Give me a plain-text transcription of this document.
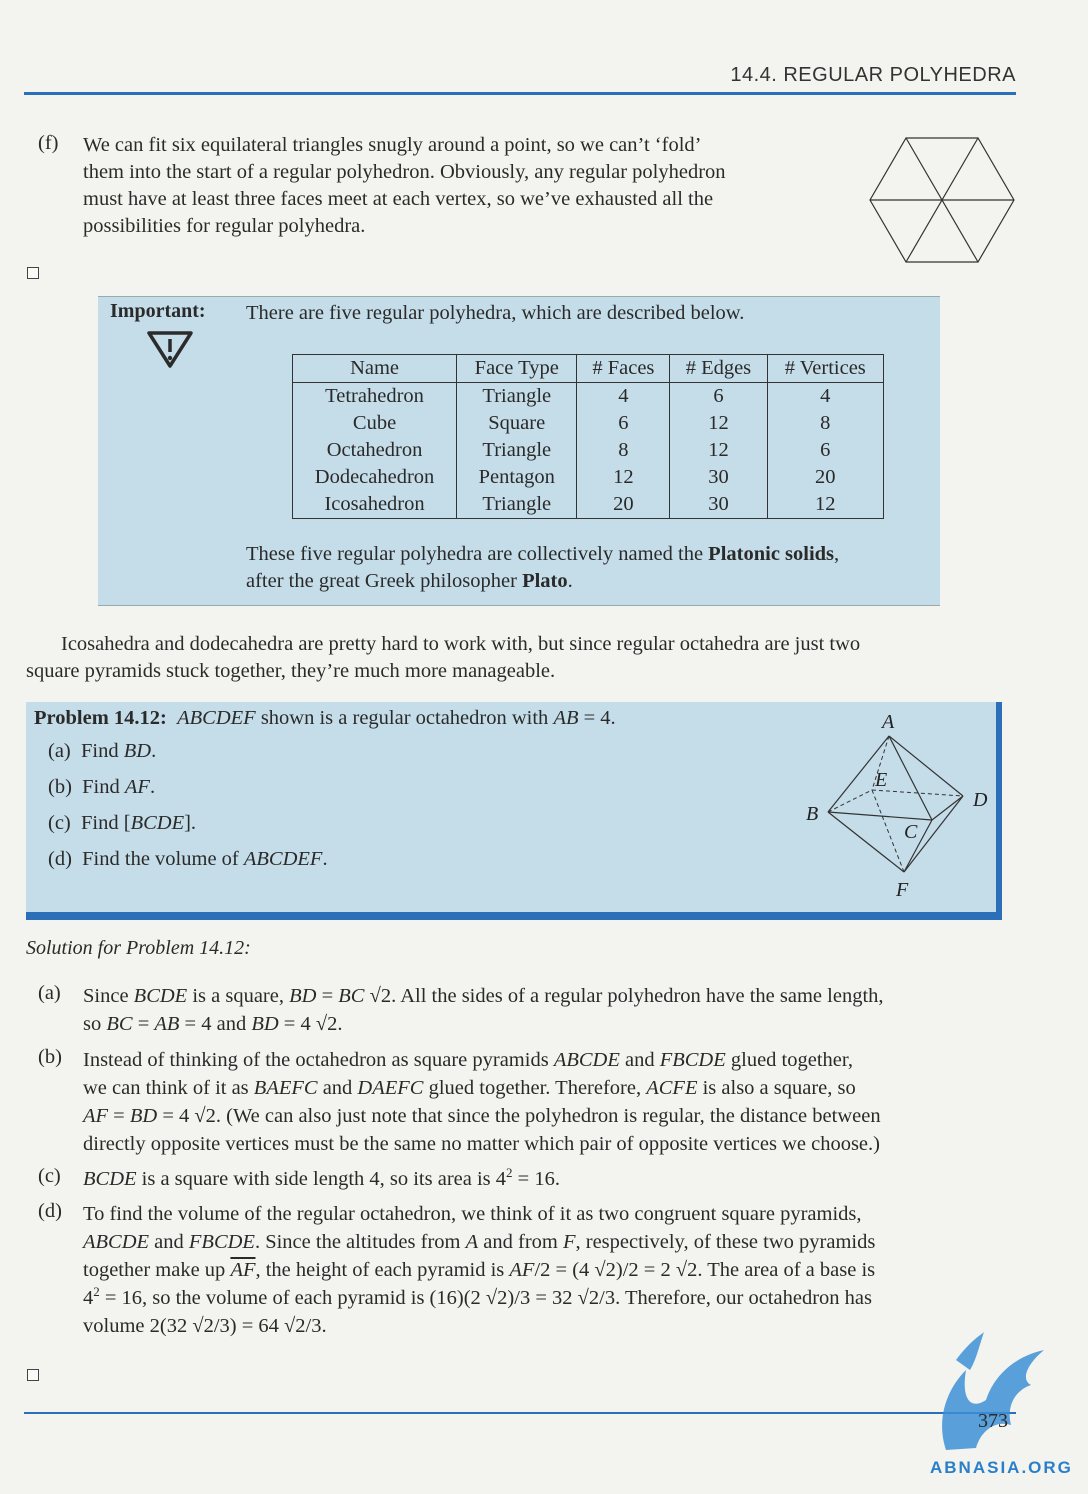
14.4. REGULAR POLYHEDRA
(f) We can fit six equilateral triangles snugly around a point, so we can’t ‘fold’
them into the start of a regular polyhedron. Obviously, any regular polyhedron
must have at least three faces meet at each vertex, so we’ve exhausted all the
possibilities for regular polyhedra.
Important: There are five regular polyhedra, which are described below.
Name	Face Type	# Faces	# Edges	# Vertices
Tetrahedron	Triangle	4	6	4
Cube	Square	6	12	8
Octahedron	Triangle	8	12	6
Dodecahedron	Pentagon	12	30	20
Icosahedron	Triangle	20	30	12
These five regular polyhedra are collectively named the Platonic solids,
after the great Greek philosopher Plato.
Icosahedra and dodecahedra are pretty hard to work with, but since regular octahedra are just two
square pyramids stuck together, they’re much more manageable.
Problem 14.12: ABCDEF shown is a regular octahedron with AB = 4.
(a) Find BD.
(b) Find AF.
(c) Find [BCDE].
(d) Find the volume of ABCDEF.
A
B
C
D
E
F
Solution for Problem 14.12:
(a) Since BCDE is a square, BD = BC √2. All the sides of a regular polyhedron have the same length,
so BC = AB = 4 and BD = 4 √2.
(b) Instead of thinking of the octahedron as square pyramids ABCDE and FBCDE glued together,
we can think of it as BAEFC and DAEFC glued together. Therefore, ACFE is also a square, so
AF = BD = 4 √2. (We can also just note that since the polyhedron is regular, the distance between
directly opposite vertices must be the same no matter which pair of opposite vertices we choose.)
(c) BCDE is a square with side length 4, so its area is $4^2 = 16$.
(d) To find the volume of the regular octahedron, we think of it as two congruent square pyramids,
ABCDE and FBCDE. Since the altitudes from A and from F, respectively, of these two pyramids
together make up $\overline{AF}$, the height of each pyramid is AF/2 = (4 √2)/2 = 2 √2. The area of a base is
$4^2 = 16$, so the volume of each pyramid is (16)(2 √2)/3 = 32 √2/3. Therefore, our octahedron has
volume 2(32 √2/3) = 64 √2/3.
373
ABNASIA.ORG
